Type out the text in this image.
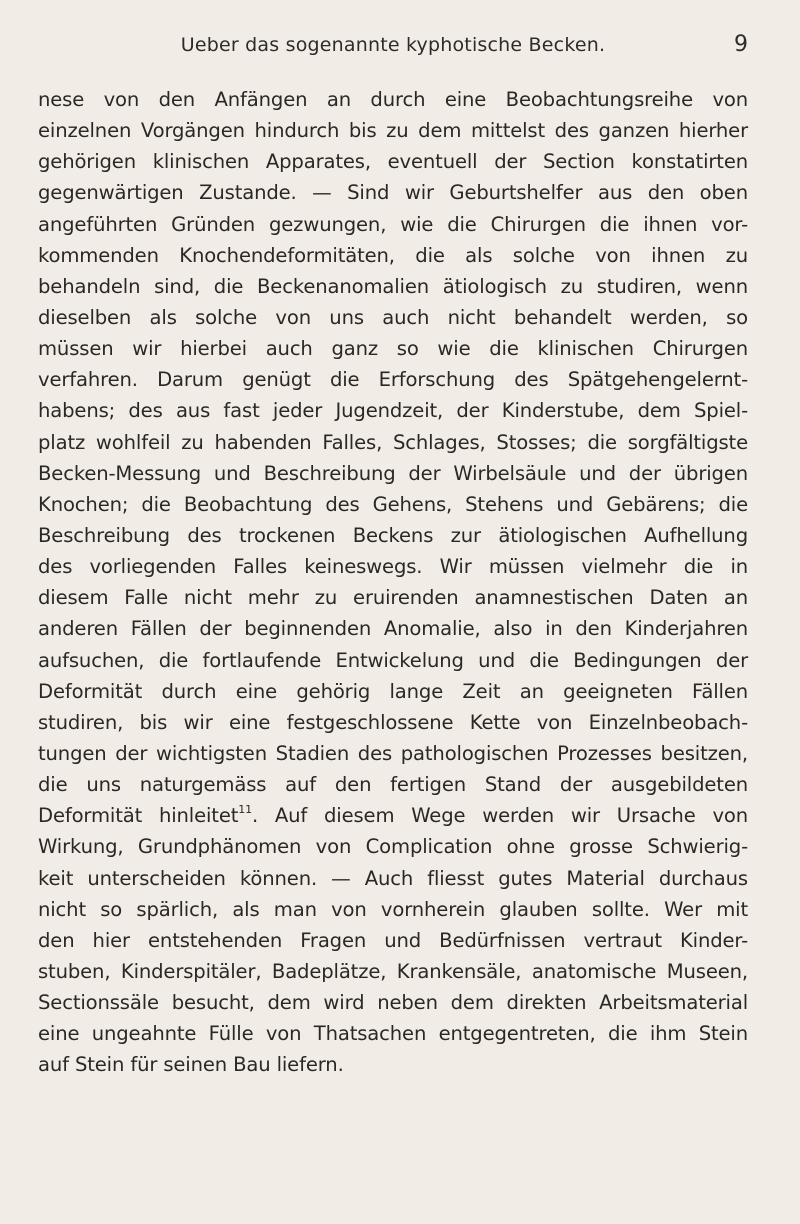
Ueber das sogenannte kyphotische Becken.	9
nese von den Anfängen an durch eine Beobachtungsreihe von
einzelnen Vorgängen hindurch bis zu dem mittelst des ganzen hierher
gehörigen klinischen Apparates, eventuell der Section konstatirten
gegenwärtigen Zustande. — Sind wir Geburtshelfer aus den oben
angeführten Gründen gezwungen, wie die Chirurgen die ihnen vor-
kommenden Knochendeformitäten, die als solche von ihnen zu
behandeln sind, die Beckenanomalien ätiologisch zu studiren, wenn
dieselben als solche von uns auch nicht behandelt werden, so
müssen wir hierbei auch ganz so wie die klinischen Chirurgen
verfahren. Darum genügt die Erforschung des Spätgehengelernt-
habens; des aus fast jeder Jugendzeit, der Kinderstube, dem Spiel-
platz wohlfeil zu habenden Falles, Schlages, Stosses; die sorgfältigste
Becken-Messung und Beschreibung der Wirbelsäule und der übrigen
Knochen; die Beobachtung des Gehens, Stehens und Gebärens; die
Beschreibung des trockenen Beckens zur ätiologischen Aufhellung
des vorliegenden Falles keineswegs. Wir müssen vielmehr die in
diesem Falle nicht mehr zu eruirenden anamnestischen Daten an
anderen Fällen der beginnenden Anomalie, also in den Kinderjahren
aufsuchen, die fortlaufende Entwickelung und die Bedingungen der
Deformität durch eine gehörig lange Zeit an geeigneten Fällen
studiren, bis wir eine festgeschlossene Kette von Einzelnbeobach-
tungen der wichtigsten Stadien des pathologischen Prozesses besitzen,
die uns naturgemäss auf den fertigen Stand der ausgebildeten
Deformität hinleitet$^{11}$. Auf diesem Wege werden wir Ursache von
Wirkung, Grundphänomen von Complication ohne grosse Schwierig-
keit unterscheiden können. — Auch fliesst gutes Material durchaus
nicht so spärlich, als man von vornherein glauben sollte. Wer mit
den hier entstehenden Fragen und Bedürfnissen vertraut Kinder-
stuben, Kinderspitäler, Badeplätze, Krankensäle, anatomische Museen,
Sectionssäle besucht, dem wird neben dem direkten Arbeitsmaterial
eine ungeahnte Fülle von Thatsachen entgegentreten, die ihm Stein
auf Stein für seinen Bau liefern.
